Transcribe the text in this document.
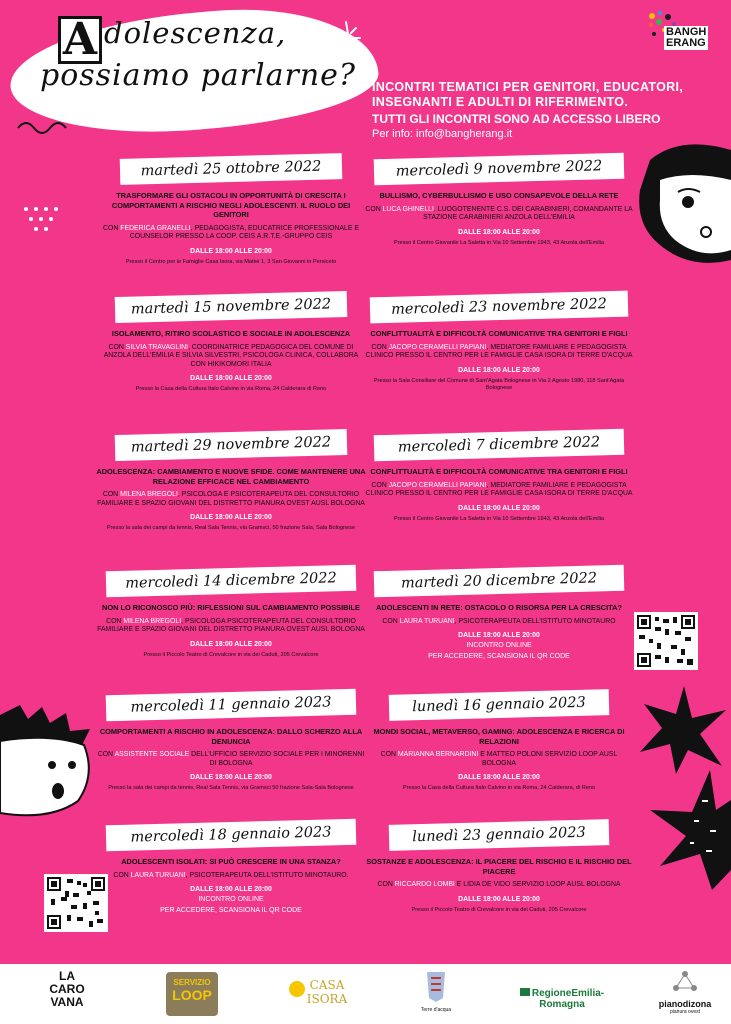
A dolescenza,
possiamo parlarne? INCONTRI TEMATICI PER GENITORI, EDUCATORI,
INSEGNANTI E ADULTI DI RIFERIMENTO.
TUTTI GLI INCONTRI SONO AD ACCESSO LIBERO
Per info: info@bangherang.it
BANGH
ERANG
martedì 25 ottobre 2022
TRASFORMARE GLI OSTACOLI IN OPPORTUNITÀ DI CRESCITA I COMPORTAMENTI A RISCHIO NEGLI ADOLESCENTI. IL RUOLO DEI GENITORI
CON FEDERICA GRANELLI, PEDAGOGISTA, EDUCATRICE PROFESSIONALE E COUNSELOR PRESSO LA COOP. CEIS A.R.T.E.-GRUPPO CEIS
DALLE 18:00 ALLE 20:00
Presso il Centro per le Famiglie Casa Isora, via Mattei 1, 3 San Giovanni in Persiceto
mercoledì 9 novembre 2022
BULLISMO, CYBERBULLISMO E USO CONSAPEVOLE DELLA RETE
CON LUCA GHINELLI, LUOGOTENENTE C.S. DEI CARABINIERI, COMANDANTE LA STAZIONE CARABINIERI ANZOLA DELL'EMILIA
DALLE 18:00 ALLE 20:00
Presso il Centro Giovanile La Saletta in Via 10 Settembre 1943, 43 Anzola dell'Emilia
martedì 15 novembre 2022
ISOLAMENTO, RITIRO SCOLASTICO E SOCIALE IN ADOLESCENZA
CON SILVIA TRAVAGLINI, COORDINATRICE PEDAGOGICA DEL COMUNE DI ANZOLA DELL'EMILIA E SILVIA SILVESTRI, PSICOLOGA CLINICA, COLLABORA CON HIKIKOMORI ITALIA
DALLE 18:00 ALLE 20:00
Presso la Casa della Cultura Italo Calvino in via Roma, 24 Calderara di Reno
mercoledì 23 novembre 2022
CONFLITTUALITÀ E DIFFICOLTÀ COMUNICATIVE TRA GENITORI E FIGLI
CON JACOPO CERAMELLI PAPIANI, MEDIATORE FAMILIARE E PEDAGOGISTA CLINICO PRESSO IL CENTRO PER LE FAMIGLIE CASA ISORA DI TERRE D'ACQUA
DALLE 18:00 ALLE 20:00
Presso la Sala Consiliare del Comune di Sant'Agata Bolognese in Via 2 Agosto 1980, 118 Sant'Agata Bolognese
martedì 29 novembre 2022
ADOLESCENZA: CAMBIAMENTO E NUOVE SFIDE. COME MANTENERE UNA RELAZIONE EFFICACE NEL CAMBIAMENTO
CON MILENA BREGOLI, PSICOLOGA E PSICOTERAPEUTA DEL CONSULTORIO FAMILIARE E SPAZIO GIOVANI DEL DISTRETTO PIANURA OVEST AUSL BOLOGNA
DALLE 18:00 ALLE 20:00
Presso la sala dei campi da tennis, Real Sala Tennis, via Gramsci, 50 frazione Sala, Sala Bolognese
mercoledì 7 dicembre 2022
CONFLITTUALITÀ E DIFFICOLTÀ COMUNICATIVE TRA GENITORI E FIGLI
CON JACOPO CERAMELLI PAPIANI, MEDIATORE FAMILIARE E PEDAGOGISTA CLINICO PRESSO IL CENTRO PER LE FAMIGLIE CASA ISORA DI TERRE D'ACQUA
DALLE 18:00 ALLE 20:00
Presso il Centro Giovanile La Saletta in Via 10 Settembre 1943, 43 Anzola dell'Emilia
mercoledì 14 dicembre 2022
NON LO RICONOSCO PIÙ: RIFLESSIONI SUL CAMBIAMENTO POSSIBILE
CON MILENA BREGOLI, PSICOLOGA PSICOTERAPEUTA DEL CONSULTORIO FAMILIARE E SPAZIO GIOVANI DEL DISTRETTO PIANURA OVEST AUSL BOLOGNA
DALLE 18:00 ALLE 20:00
Presso il Piccolo Teatro di Crevalcore in via dei Caduti, 205 Crevalcore
martedì 20 dicembre 2022
ADOLESCENTI IN RETE: OSTACOLO O RISORSA PER LA CRESCITA?
CON LAURA TURUANI, PSICOTERAPEUTA DELL'ISTITUTO MINOTAURO
DALLE 18:00 ALLE 20:00
INCONTRO ONLINE
PER ACCEDERE, SCANSIONA IL QR CODE
mercoledì 11 gennaio 2023
COMPORTAMENTI A RISCHIO IN ADOLESCENZA: DALLO SCHERZO ALLA DENUNCIA
CON ASSISTENTE SOCIALE DELL'UFFICIO SERVIZIO SOCIALE PER I MINORENNI DI BOLOGNA
DALLE 18:00 ALLE 20:00
Presso la sala dei campi da tennis, Real Sala Tennis, via Gramsci 50 frazione Sala-Sala Bolognese
lunedì 16 gennaio 2023
MONDI SOCIAL, METAVERSO, GAMING: ADOLESCENZA E RICERCA DI RELAZIONI
CON MARIANNA BERNARDINI E MATTEO POLONI SERVIZIO LOOP AUSL BOLOGNA
DALLE 18:00 ALLE 20:00
Presso la Casa della Cultura Italo Calvino in via Roma, 24 Calderara, di Reno
mercoledì 18 gennaio 2023
ADOLESCENTI ISOLATI: SI PUÒ CRESCERE IN UNA STANZA?
CON LAURA TURUANI, PSICOTERAPEUTA DELL'ISTITUTO MINOTAURO.
DALLE 18:00 ALLE 20:00
INCONTRO ONLINE
PER ACCEDERE, SCANSIONA IL QR CODE
lunedì 23 gennaio 2023
SOSTANZE E ADOLESCENZA: IL PIACERE DEL RISCHIO E IL RISCHIO DEL PIACERE
CON RICCARDO LOMBI E LIDIA DE VIDO SERVIZIO LOOP AUSL BOLOGNA
DALLE 18:00 ALLE 20:00
Presso il Piccolo Teatro di Crevalcore in via dei Caduti, 205 Crevalcore
LA
CARO
VANA
SERVIZIO
LOOP
CASA
ISORA
Terre d'acqua
RegioneEmilia-Romagna	pianodizona
pianura ovest
